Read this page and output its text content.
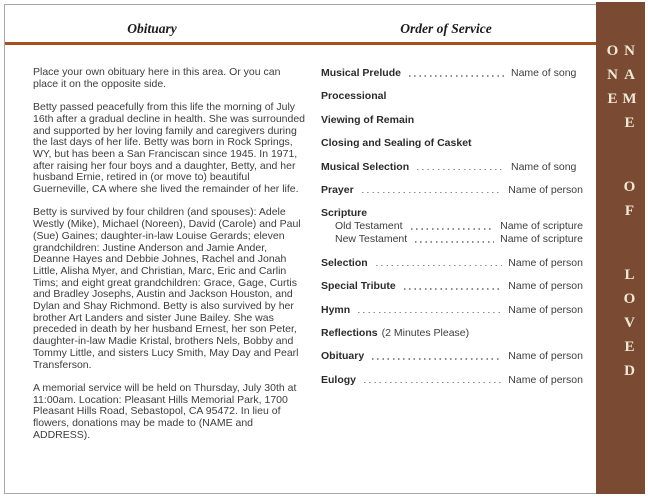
Obituary	Order of Service

Place your own obituary here in this area. Or you can place it on the opposite side.

Betty passed peacefully from this life the morning of July 16th after a gradual decline in health. She was surrounded and supported by her loving family and caregivers during the last days of her life. Betty was born in Rock Springs, WY, but has been a San Franciscan since 1945. In 1971, after raising her four boys and a daughter, Betty, and her husband Ernie, retired in (or move to) beautiful Guerneville, CA where she lived the remainder of her life.

Betty is survived by four children (and spouses): Adele Westly (Mike), Michael (Noreen), David (Carole) and Paul (Sue) Gaines; daughter-in-law Louise Gerards; eleven grandchildren: Justine Anderson and Jamie Ander, Deanne Hayes and Debbie Johnes, Rachel and Jonah Little, Alisha Myer, and Christian, Marc, Eric and Carlin Tims; and eight great grandchildren: Grace, Gage, Curtis and Bradley Josephs, Austin and Jackson Houston, and Dylan and Shay Richmond. Betty is also survived by her brother Art Landers and sister June Bailey. She was preceded in death by her husband Ernest, her son Peter, daughter-in-law Madie Kristal, brothers Nels, Bobby and Tommy Little, and sisters Lucy Smith, May Day and Pearl Transferson.

A memorial service will be held on Thursday, July 30th at 11:00am. Location: Pleasant Hills Memorial Park, 1700 Pleasant Hills Road, Sebastopol, CA 95472. In lieu of flowers, donations may be made to (NAME and ADDRESS).

Musical Prelude	Name of song
Processional
Viewing of Remain
Closing and Sealing of Casket
Musical Selection	Name of song
Prayer	Name of person
Scripture
Old Testament	Name of scripture
New Testament	Name of scripture
Selection	Name of person
Special Tribute	Name of person
Hymn	Name of person
Reflections (2 Minutes Please)
Obituary	Name of person
Eulogy	Name of person	NAME OF LOVED ONE
